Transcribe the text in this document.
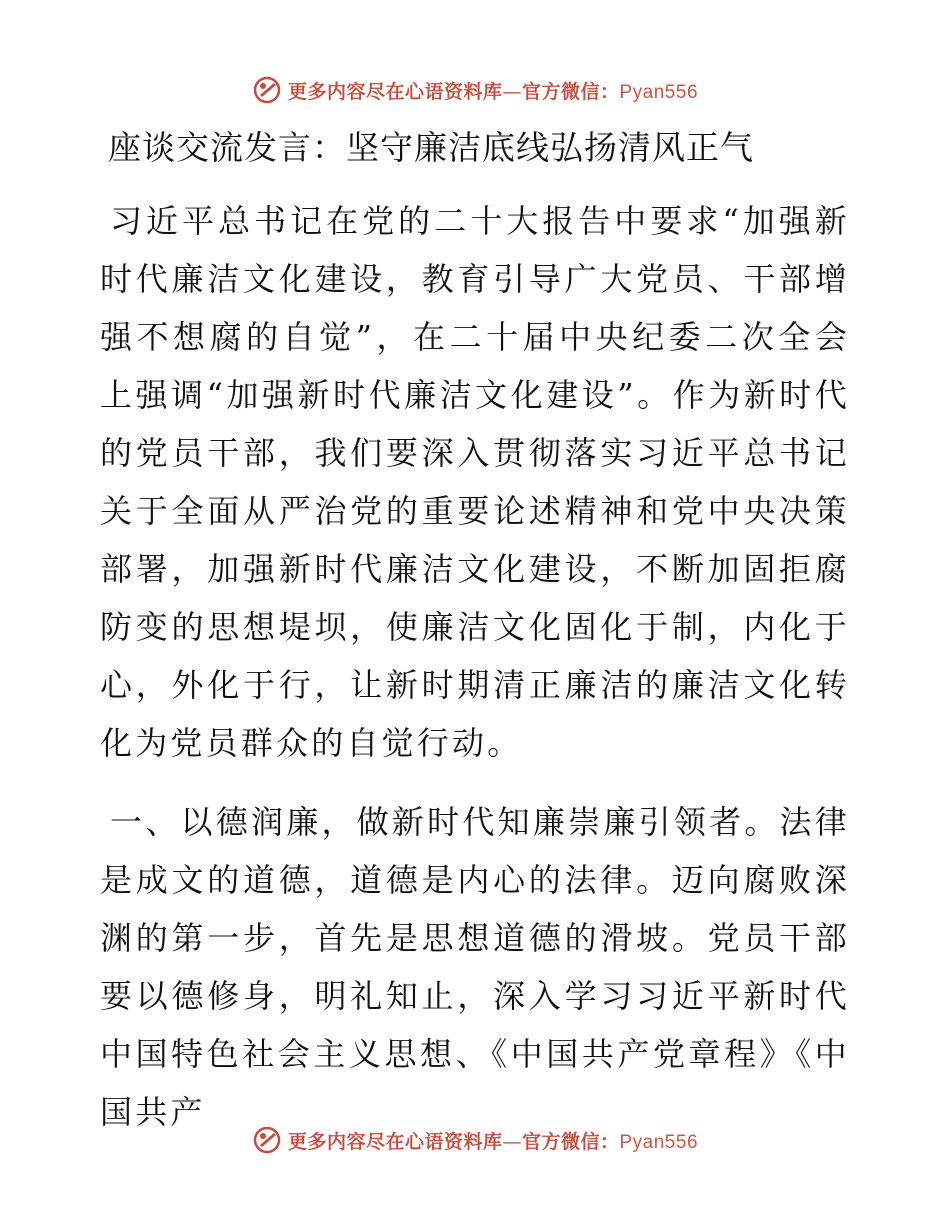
更多内容尽在心语资料库—官方微信：Pyan556
座谈交流发言：坚守廉洁底线弘扬清风正气
习近平总书记在党的二十大报告中要求“加强新时代廉洁文化建设，教育引导广大党员、干部增强不想腐的自觉”，在二十届中央纪委二次全会上强调“加强新时代廉洁文化建设”。作为新时代的党员干部，我们要深入贯彻落实习近平总书记关于全面从严治党的重要论述精神和党中央决策部署，加强新时代廉洁文化建设，不断加固拒腐防变的思想堤坝，使廉洁文化固化于制，内化于心，外化于行，让新时期清正廉洁的廉洁文化转化为党员群众的自觉行动。
一、以德润廉，做新时代知廉崇廉引领者。法律是成文的道德，道德是内心的法律。迈向腐败深渊的第一步，首先是思想道德的滑坡。党员干部要以德修身，明礼知止，深入学习习近平新时代中国特色社会主义思想、《中国共产党章程》《中国共产
更多内容尽在心语资料库—官方微信：Pyan556
